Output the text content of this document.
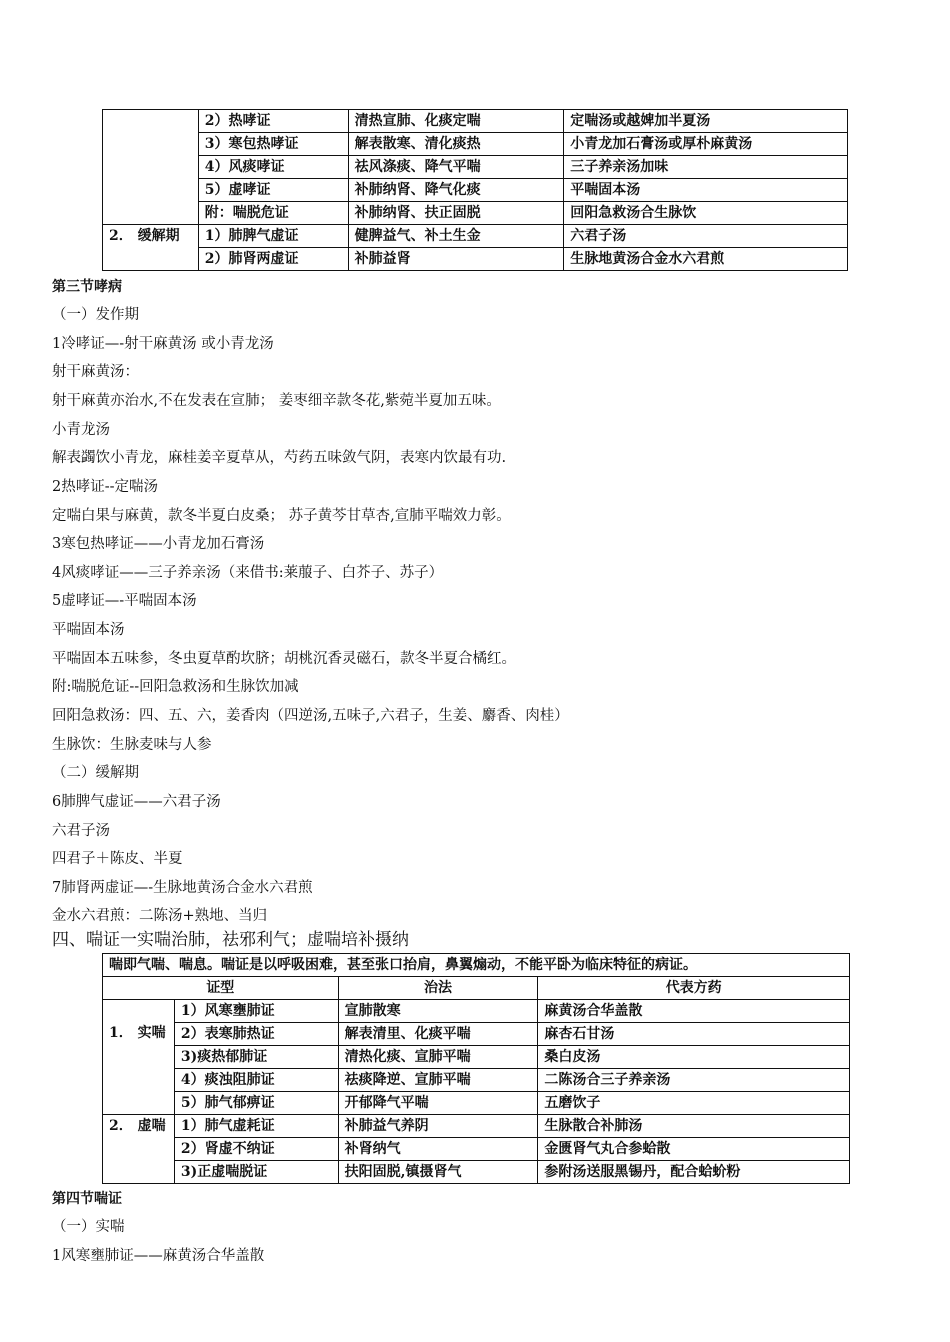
	2）热哮证	清热宣肺、化痰定喘	定喘汤或越婢加半夏汤
	3）寒包热哮证	解表散寒、清化痰热	小青龙加石膏汤或厚朴麻黄汤
	4）风痰哮证	祛风涤痰、降气平喘	三子养亲汤加味
	5）虚哮证	补肺纳肾、降气化痰	平喘固本汤
	附：喘脱危证	补肺纳肾、扶正固脱	回阳急救汤合生脉饮
2． 缓解期	1）肺脾气虚证	健脾益气、补土生金	六君子汤
	2）肺肾两虚证	补肺益肾	生脉地黄汤合金水六君煎
第三节哮病
（一）发作期
1冷哮证—-射干麻黄汤 或小青龙汤
射干麻黄汤：
射干麻黄亦治水,不在发表在宣肺； 姜枣细辛款冬花,紫菀半夏加五味。
小青龙汤
解表蠲饮小青龙，麻桂姜辛夏草从，芍药五味敛气阴，表寒内饮最有功.
2热哮证--定喘汤
定喘白果与麻黄，款冬半夏白皮桑； 苏子黄芩甘草杏,宣肺平喘效力彰。
3寒包热哮证——小青龙加石膏汤
4风痰哮证——三子养亲汤（来借书:莱菔子、白芥子、苏子）
5虚哮证—-平喘固本汤
平喘固本汤
平喘固本五味参，冬虫夏草酌坎脐；胡桃沉香灵磁石，款冬半夏合橘红。
附:喘脱危证--回阳急救汤和生脉饮加减
回阳急救汤：四、五、六，姜香肉（四逆汤,五味子,六君子，生姜、麝香、肉桂）
生脉饮：生脉麦味与人参
（二）缓解期
6肺脾气虚证——六君子汤
六君子汤
四君子＋陈皮、半夏
7肺肾两虚证—-生脉地黄汤合金水六君煎
金水六君煎：二陈汤+熟地、当归
四、喘证一实喘治肺，祛邪利气；虚喘培补摄纳
喘即气喘、喘息。喘证是以呼吸困难，甚至张口抬肩，鼻翼煽动，不能平卧为临床特征的病证。			
证型		治法	代表方药
1． 实喘	1）风寒壅肺证	宣肺散寒	麻黄汤合华盖散
	2）表寒肺热证	解表清里、化痰平喘	麻杏石甘汤
	3)痰热郁肺证	清热化痰、宣肺平喘	桑白皮汤
	4）痰浊阻肺证	祛痰降逆、宣肺平喘	二陈汤合三子养亲汤
	5）肺气郁痹证	开郁降气平喘	五磨饮子
2． 虚喘	1）肺气虚耗证	补肺益气养阴	生脉散合补肺汤
	2）肾虚不纳证	补肾纳气	金匮肾气丸合参蛤散
	3)正虚喘脱证	扶阳固脱,镇摄肾气	参附汤送服黑锡丹，配合蛤蚧粉
第四节喘证
（一）实喘
1风寒壅肺证——麻黄汤合华盖散
